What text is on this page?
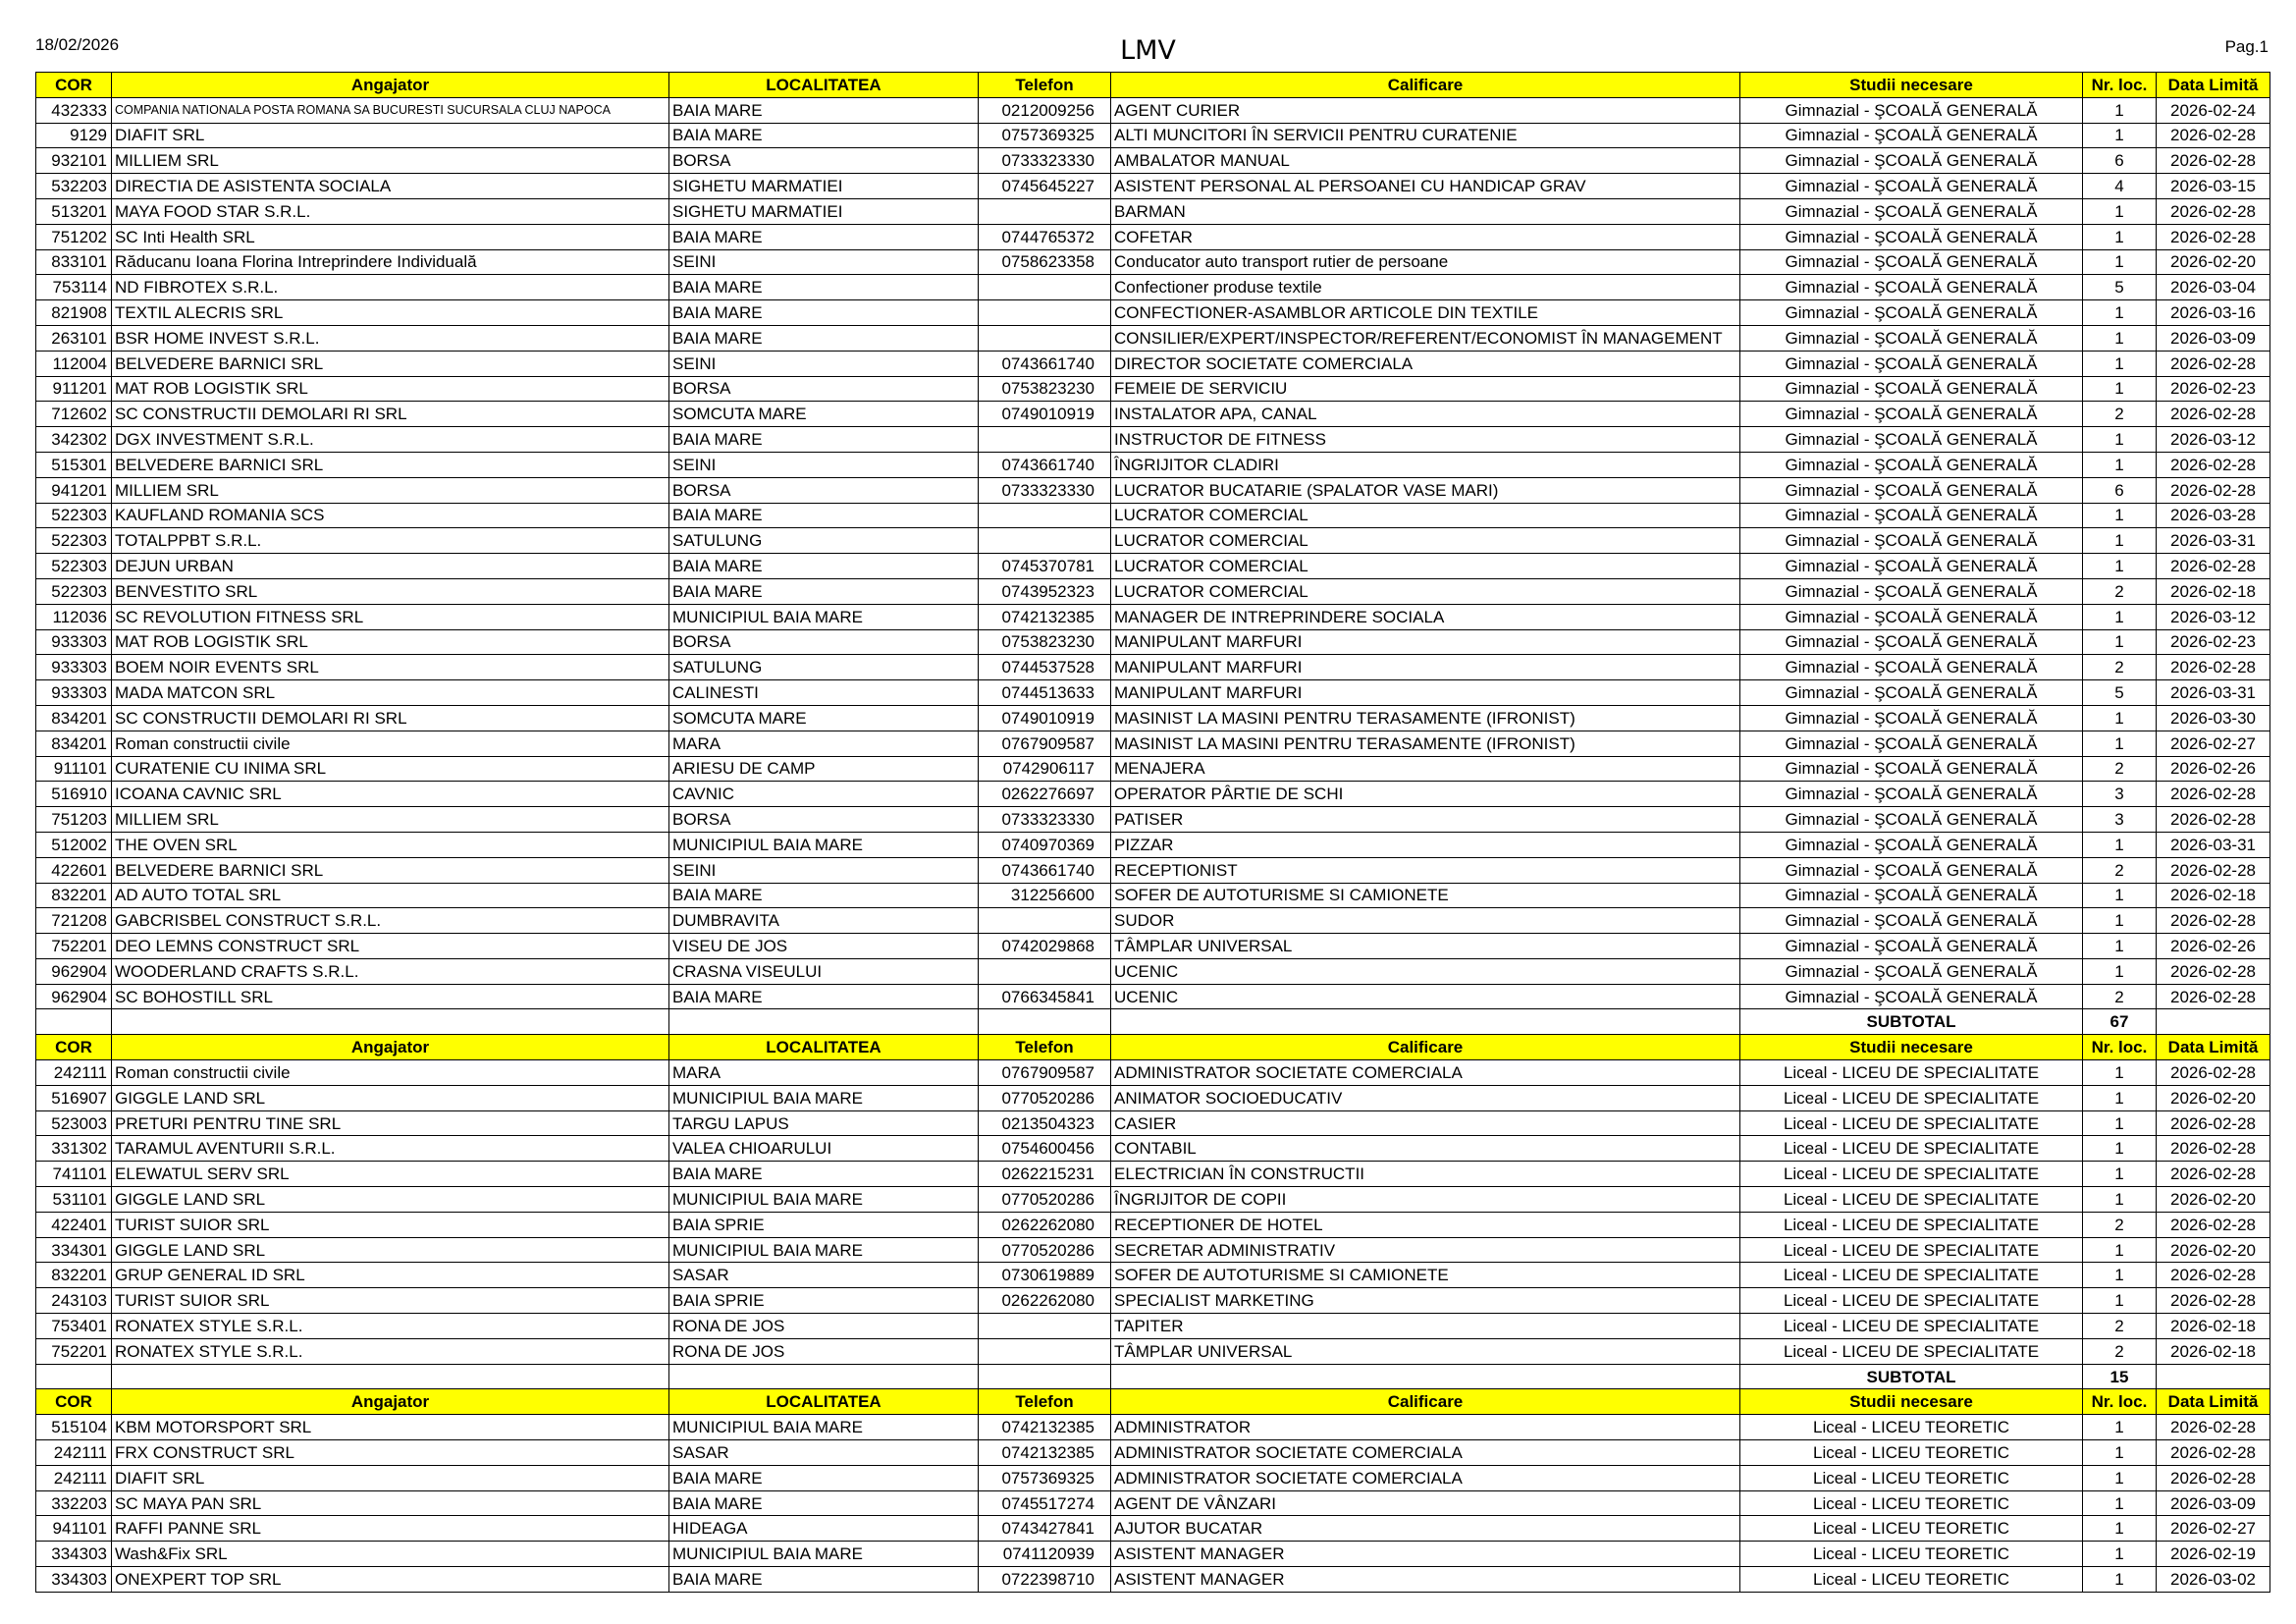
18/02/2026	LMV	Pag.1
COR	Angajator	LOCALITATEA	Telefon	Calificare	Studii necesare	Nr. loc.	Data Limită
432333	COMPANIA NATIONALA POSTA ROMANA SA BUCURESTI SUCURSALA CLUJ NAPOCA	BAIA MARE	0212009256	AGENT CURIER	Gimnazial - ŞCOALĂ GENERALĂ	1	2026-02-24
9129	DIAFIT SRL	BAIA MARE	0757369325	ALTI MUNCITORI ÎN SERVICII PENTRU CURATENIE	Gimnazial - ŞCOALĂ GENERALĂ	1	2026-02-28
932101	MILLIEM SRL	BORSA	0733323330	AMBALATOR MANUAL	Gimnazial - ŞCOALĂ GENERALĂ	6	2026-02-28
532203	DIRECTIA DE ASISTENTA SOCIALA	SIGHETU MARMATIEI	0745645227	ASISTENT PERSONAL AL PERSOANEI CU HANDICAP GRAV	Gimnazial - ŞCOALĂ GENERALĂ	4	2026-03-15
513201	MAYA FOOD STAR S.R.L.	SIGHETU MARMATIEI		BARMAN	Gimnazial - ŞCOALĂ GENERALĂ	1	2026-02-28
751202	SC Inti Health SRL	BAIA MARE	0744765372	COFETAR	Gimnazial - ŞCOALĂ GENERALĂ	1	2026-02-28
833101	Răducanu Ioana Florina Intreprindere Individuală	SEINI	0758623358	Conducator auto transport rutier de persoane	Gimnazial - ŞCOALĂ GENERALĂ	1	2026-02-20
753114	ND FIBROTEX S.R.L.	BAIA MARE		Confectioner produse textile	Gimnazial - ŞCOALĂ GENERALĂ	5	2026-03-04
821908	TEXTIL ALECRIS SRL	BAIA MARE		CONFECTIONER-ASAMBLOR ARTICOLE DIN TEXTILE	Gimnazial - ŞCOALĂ GENERALĂ	1	2026-03-16
263101	BSR HOME INVEST S.R.L.	BAIA MARE		CONSILIER/EXPERT/INSPECTOR/REFERENT/ECONOMIST ÎN MANAGEMENT	Gimnazial - ŞCOALĂ GENERALĂ	1	2026-03-09
112004	BELVEDERE BARNICI SRL	SEINI	0743661740	DIRECTOR SOCIETATE COMERCIALA	Gimnazial - ŞCOALĂ GENERALĂ	1	2026-02-28
911201	MAT ROB LOGISTIK SRL	BORSA	0753823230	FEMEIE DE SERVICIU	Gimnazial - ŞCOALĂ GENERALĂ	1	2026-02-23
712602	SC CONSTRUCTII DEMOLARI RI SRL	SOMCUTA MARE	0749010919	INSTALATOR APA, CANAL	Gimnazial - ŞCOALĂ GENERALĂ	2	2026-02-28
342302	DGX INVESTMENT S.R.L.	BAIA MARE		INSTRUCTOR DE FITNESS	Gimnazial - ŞCOALĂ GENERALĂ	1	2026-03-12
515301	BELVEDERE BARNICI SRL	SEINI	0743661740	ÎNGRIJITOR CLADIRI	Gimnazial - ŞCOALĂ GENERALĂ	1	2026-02-28
941201	MILLIEM SRL	BORSA	0733323330	LUCRATOR BUCATARIE (SPALATOR VASE MARI)	Gimnazial - ŞCOALĂ GENERALĂ	6	2026-02-28
522303	KAUFLAND ROMANIA SCS	BAIA MARE		LUCRATOR COMERCIAL	Gimnazial - ŞCOALĂ GENERALĂ	1	2026-03-28
522303	TOTALPPBT S.R.L.	SATULUNG		LUCRATOR COMERCIAL	Gimnazial - ŞCOALĂ GENERALĂ	1	2026-03-31
522303	DEJUN URBAN	BAIA MARE	0745370781	LUCRATOR COMERCIAL	Gimnazial - ŞCOALĂ GENERALĂ	1	2026-02-28
522303	BENVESTITO SRL	BAIA MARE	0743952323	LUCRATOR COMERCIAL	Gimnazial - ŞCOALĂ GENERALĂ	2	2026-02-18
112036	SC REVOLUTION FITNESS SRL	MUNICIPIUL BAIA MARE	0742132385	MANAGER DE INTREPRINDERE SOCIALA	Gimnazial - ŞCOALĂ GENERALĂ	1	2026-03-12
933303	MAT ROB LOGISTIK SRL	BORSA	0753823230	MANIPULANT MARFURI	Gimnazial - ŞCOALĂ GENERALĂ	1	2026-02-23
933303	BOEM NOIR EVENTS SRL	SATULUNG	0744537528	MANIPULANT MARFURI	Gimnazial - ŞCOALĂ GENERALĂ	2	2026-02-28
933303	MADA MATCON SRL	CALINESTI	0744513633	MANIPULANT MARFURI	Gimnazial - ŞCOALĂ GENERALĂ	5	2026-03-31
834201	SC CONSTRUCTII DEMOLARI RI SRL	SOMCUTA MARE	0749010919	MASINIST LA MASINI PENTRU TERASAMENTE (IFRONIST)	Gimnazial - ŞCOALĂ GENERALĂ	1	2026-03-30
834201	Roman constructii civile	MARA	0767909587	MASINIST LA MASINI PENTRU TERASAMENTE (IFRONIST)	Gimnazial - ŞCOALĂ GENERALĂ	1	2026-02-27
911101	CURATENIE CU INIMA SRL	ARIESU DE CAMP	0742906117	MENAJERA	Gimnazial - ŞCOALĂ GENERALĂ	2	2026-02-26
516910	ICOANA CAVNIC SRL	CAVNIC	0262276697	OPERATOR PÂRTIE DE SCHI	Gimnazial - ŞCOALĂ GENERALĂ	3	2026-02-28
751203	MILLIEM SRL	BORSA	0733323330	PATISER	Gimnazial - ŞCOALĂ GENERALĂ	3	2026-02-28
512002	THE OVEN SRL	MUNICIPIUL BAIA MARE	0740970369	PIZZAR	Gimnazial - ŞCOALĂ GENERALĂ	1	2026-03-31
422601	BELVEDERE BARNICI SRL	SEINI	0743661740	RECEPTIONIST	Gimnazial - ŞCOALĂ GENERALĂ	2	2026-02-28
832201	AD AUTO TOTAL SRL	BAIA MARE	312256600	SOFER DE AUTOTURISME SI CAMIONETE	Gimnazial - ŞCOALĂ GENERALĂ	1	2026-02-18
721208	GABCRISBEL CONSTRUCT S.R.L.	DUMBRAVITA		SUDOR	Gimnazial - ŞCOALĂ GENERALĂ	1	2026-02-28
752201	DEO LEMNS CONSTRUCT SRL	VISEU DE JOS	0742029868	TÂMPLAR UNIVERSAL	Gimnazial - ŞCOALĂ GENERALĂ	1	2026-02-26
962904	WOODERLAND CRAFTS S.R.L.	CRASNA VISEULUI		UCENIC	Gimnazial - ŞCOALĂ GENERALĂ	1	2026-02-28
962904	SC BOHOSTILL SRL	BAIA MARE	0766345841	UCENIC	Gimnazial - ŞCOALĂ GENERALĂ	2	2026-02-28
					SUBTOTAL	67	
COR	Angajator	LOCALITATEA	Telefon	Calificare	Studii necesare	Nr. loc.	Data Limită
242111	Roman constructii civile	MARA	0767909587	ADMINISTRATOR SOCIETATE COMERCIALA	Liceal - LICEU DE SPECIALITATE	1	2026-02-28
516907	GIGGLE LAND SRL	MUNICIPIUL BAIA MARE	0770520286	ANIMATOR SOCIOEDUCATIV	Liceal - LICEU DE SPECIALITATE	1	2026-02-20
523003	PRETURI PENTRU TINE SRL	TARGU LAPUS	0213504323	CASIER	Liceal - LICEU DE SPECIALITATE	1	2026-02-28
331302	TARAMUL AVENTURII S.R.L.	VALEA CHIOARULUI	0754600456	CONTABIL	Liceal - LICEU DE SPECIALITATE	1	2026-02-28
741101	ELEWATUL SERV SRL	BAIA MARE	0262215231	ELECTRICIAN ÎN CONSTRUCTII	Liceal - LICEU DE SPECIALITATE	1	2026-02-28
531101	GIGGLE LAND SRL	MUNICIPIUL BAIA MARE	0770520286	ÎNGRIJITOR DE COPII	Liceal - LICEU DE SPECIALITATE	1	2026-02-20
422401	TURIST SUIOR SRL	BAIA SPRIE	0262262080	RECEPTIONER DE HOTEL	Liceal - LICEU DE SPECIALITATE	2	2026-02-28
334301	GIGGLE LAND SRL	MUNICIPIUL BAIA MARE	0770520286	SECRETAR ADMINISTRATIV	Liceal - LICEU DE SPECIALITATE	1	2026-02-20
832201	GRUP GENERAL ID SRL	SASAR	0730619889	SOFER DE AUTOTURISME SI CAMIONETE	Liceal - LICEU DE SPECIALITATE	1	2026-02-28
243103	TURIST SUIOR SRL	BAIA SPRIE	0262262080	SPECIALIST MARKETING	Liceal - LICEU DE SPECIALITATE	1	2026-02-28
753401	RONATEX STYLE S.R.L.	RONA DE JOS		TAPITER	Liceal - LICEU DE SPECIALITATE	2	2026-02-18
752201	RONATEX STYLE S.R.L.	RONA DE JOS		TÂMPLAR UNIVERSAL	Liceal - LICEU DE SPECIALITATE	2	2026-02-18
					SUBTOTAL	15	
COR	Angajator	LOCALITATEA	Telefon	Calificare	Studii necesare	Nr. loc.	Data Limită
515104	KBM MOTORSPORT SRL	MUNICIPIUL BAIA MARE	0742132385	ADMINISTRATOR	Liceal - LICEU TEORETIC	1	2026-02-28
242111	FRX CONSTRUCT SRL	SASAR	0742132385	ADMINISTRATOR SOCIETATE COMERCIALA	Liceal - LICEU TEORETIC	1	2026-02-28
242111	DIAFIT SRL	BAIA MARE	0757369325	ADMINISTRATOR SOCIETATE COMERCIALA	Liceal - LICEU TEORETIC	1	2026-02-28
332203	SC MAYA PAN SRL	BAIA MARE	0745517274	AGENT DE VÂNZARI	Liceal - LICEU TEORETIC	1	2026-03-09
941101	RAFFI PANNE SRL	HIDEAGA	0743427841	AJUTOR BUCATAR	Liceal - LICEU TEORETIC	1	2026-02-27
334303	Wash&Fix SRL	MUNICIPIUL BAIA MARE	0741120939	ASISTENT MANAGER	Liceal - LICEU TEORETIC	1	2026-02-19
334303	ONEXPERT TOP SRL	BAIA MARE	0722398710	ASISTENT MANAGER	Liceal - LICEU TEORETIC	1	2026-03-02
